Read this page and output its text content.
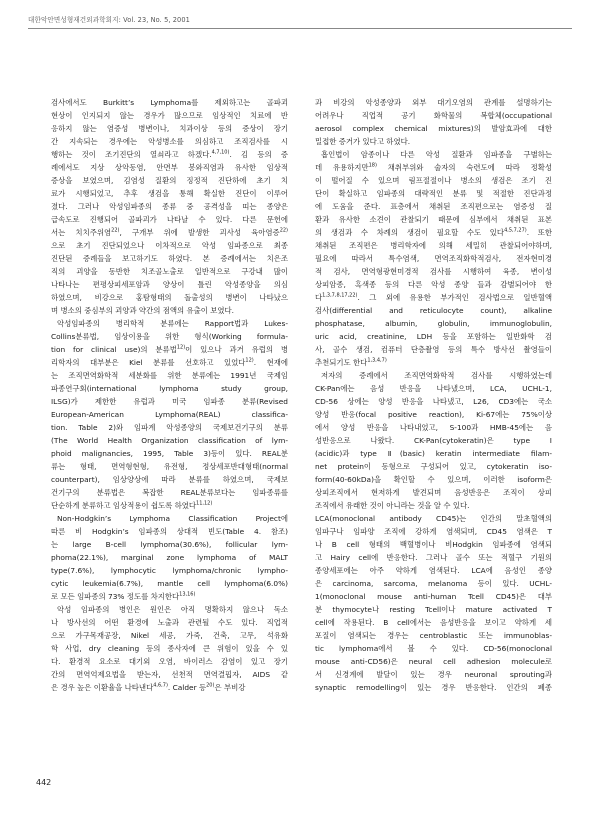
대한악안면성형재건외과학회지: Vol. 23, No. 5, 2001
검사에서도 Burkitt’s Lymphoma를 제외하고는 골파괴
현상이 인지되지 않는 경우가 많으므로 임상적인 치료에 반
응하지 않는 염증성 병변이나, 치과이상 등의 증상이 장기
간 지속되는 경우에는 악성병소를 의심하고 조직검사를 시
행하는 것이 조기진단의 열쇠라고 하겠다.$^{4,7,10)}$. 김 등의 증
례에서도 지상 상악동염, 안면부 봉와직염과 유사한 임상적
증상을 보였으며, 김염성 질환의 징정적 진단하에 초기 치
료가 시행되었고, 추후 생검을 통해 확실한 진단이 이루어
졌다. 그러나 악성임파종의 종류 중 공격성을 띠는 종양은
급속도로 진행되어 골파괴가 나타날 수 있다. 다른 문헌에
서는 치치주위염$^{22)}$, 구개부 위에 발생한 괴사성 육아염증$^{22)}$
으로 초기 진단되었으나 이차적으로 악성 임파종으로 최종
진단된 증례들을 보고하기도 하였다. 본 증례에서는 치은조
직의 괴양을 동반한 치조골노출로 일반적으로 구강내 많이
나타나는 편평상피세포암과 양상이 틀린 악성종양을 의심
하였으며, 비강으로 홍탐형태의 돌출성의 병변이 나타났으
며 병소의 중심부의 괴양과 약간의 점액의 유출이 보였다.
악성임파종의 병리학적 분류에는 Rapport법과 Lukes-
Collins분류법, 임상이용을 위한 형식(Working formula-
tion for clinical use)의 분류법$^{12)}$이 있으나 과거 유럽의 병
리학자의 대부분은 Kiel 분류를 선호하고 있었다$^{12)}$. 현재에
는 조직면역화학적 세분화를 위한 분류에는 1991년 국제임
파종연구회(international lymphoma study group,
ILSG)가 제한한 유럽과 미국 임파종 분류(Revised
European-American Lymphoma(REAL) classifica-
tion. Table 2)와 임파계 악성종양의 국제보건기구의 분류
(The World Health Organization classification of lym-
phoid malignancies, 1995, Table 3)등이 있다. REAL분
류는 형태, 면역형현형, 유전형, 정상세포반대형태(normal
counterpart), 임상양상에 따라 분류를 하였으며, 국제보
건기구의 분류법은 복잡한 REAL분류보다는 임파종류를
단순하게 분류하고 임상적용이 쉽도록 하였다$^{11,12)}$
Non-Hodgkin’s Lymphoma Classification Project에
따른 비 Hodgkin’s 임파종의 상대적 빈도(Table 4. 참조)
는 large B-cell lymphoma(30.6%), follicular lym-
phoma(22.1%), marginal zone lymphoma of MALT
type(7.6%), lymphocytic lymphoma/chronic lympho-
cytic leukemia(6.7%), mantle cell lymphoma(6.0%)
로 모든 임파종의 73% 정도를 차지한다$^{13,16)}$
악성 임파종의 병인은 원인은 아직 명확하지 않으나 독소
나 방사선의 어떤 환경에 노출과 관련될 수도 있다. 직업적
으로 가구목재공장, Nikel 세공, 가죽, 건축, 고무, 석유화
학 사업, dry cleaning 등의 종사자에 큰 위험이 있을 수 있
다. 환경적 요소로 대기외 오염, 바이러스 감염이 있고 장기
간의 면역억제요법을 받는자, 선천적 면역결핍자, AIDS 같
은 경우 높은 이환율을 나타낸다$^{4,6,7)}$. Calder 등$^{20)}$은 부비강
과 비강의 악성종양과 외부 대기오염의 관계를 설명하기는
어려우나 직업적 공기 화학물의 복합체(occupational
aerosol complex chemical mixtures)의 발암효과에 대한
밀접한 증거가 있다고 하였다.
흡인법이 암종이나 다른 악성 질환과 임파종을 구별하는
데 유용하지만$^{18)}$ 채취부위와 술자의 숙련도에 따라 정확성
이 떨어질 수 있으며 림프절절이나 병소의 생검은 조기 진
단이 확실하고 임파종의 대략적인 분류 및 적절한 진단과정
에 도움을 준다. 표층에서 채취된 조직편으로는 염증성 질
환과 유사한 소견이 관찰되기 때문에 심부에서 채취된 표본
의 생검과 수 차례의 생검이 필요할 수도 있다$^{4,5,7,27)}$. 또한
채취된 조직편은 병리학자에 의해 세밀히 관찰되어야하며,
필요에 따라서 특수염색, 면역조직화학적검사, 전자현미경
적 검사, 면역형광현미경적 검사를 시행하여 육종, 변이성
상피암종, 흑색종 등의 다른 악성 종양 들과 감별되어야 한
다$^{1,3,7,8,17,22)}$. 그 외에 유용한 부가적인 검사법으로 일반혈액
검사(differential and reticulocyte count), alkaline
phosphatase, albumin, globulin, immunoglobulin,
uric acid, creatinine, LDH 등을 포함하는 일반화학 검
사, 골수 생검, 컴퓨터 단층촬영 등의 특수 방사선 촬영들이
추천되기도 한다$^{1,3,4,7)}$
저자의 증례에서 조직면역화학적 검사를 시행하였는데
CK-Pan에는 음성 반응을 나타냈으며, LCA, UCHL-1,
CD-56 상에는 양성 반응을 나타냈고, L26, CD3에는 국소
양성 반응(focal positive reaction), Ki-67에는 75%이상
에서 양성 반응을 나타내었고, S-100과 HMB-45에는 음
성반응으로 나왔다. CK-Pan(cytokeratin)은 type Ⅰ
(acidic)과 type Ⅱ(basic) keratin intermediate filam-
net protein이 동형으로 구성되어 있고, cytokeratin iso-
form(40-60kDa)을 확인할 수 있으며, 이러한 isoform은
상피조직에서 현저하게 발견되며 음성반응은 조직이 상피
조직에서 유래한 것이 아니라는 것을 알 수 있다.
LCA(monoclonal antibody CD45)는 인간의 말초혈액의
임파구나 임파양 조직에 강하게 염색되며, CD45 염색은 T
나 B cell 형태의 백혈병이나 비Hodgkin 임파종에 염색되
고 Hairy cell에 반응한다. 그러나 골수 또는 적혈구 기원의
종양세포에는 아주 약하게 염색된다. LCA에 음성인 종양
은 carcinoma, sarcoma, melanoma 등이 있다. UCHL-
1(monoclonal mouse anti-human Tcell CD45)은 대부
분 thymocyte나 resting Tcell이나 mature activated T
cell에 작용된다. B cell에서는 음성반응을 보이고 약하게 세
포질이 염색되는 경우는 centroblastic 또는 immunoblas-
tic lymphoma에서 볼 수 있다. CD-56(monoclonal
mouse anti-CD56)은 neural cell adhesion molecule로
서 신경계에 발달이 있는 경우 neuronal sprouting과
synaptic remodelling이 있는 경우 반응한다. 인간의 폐종
442
